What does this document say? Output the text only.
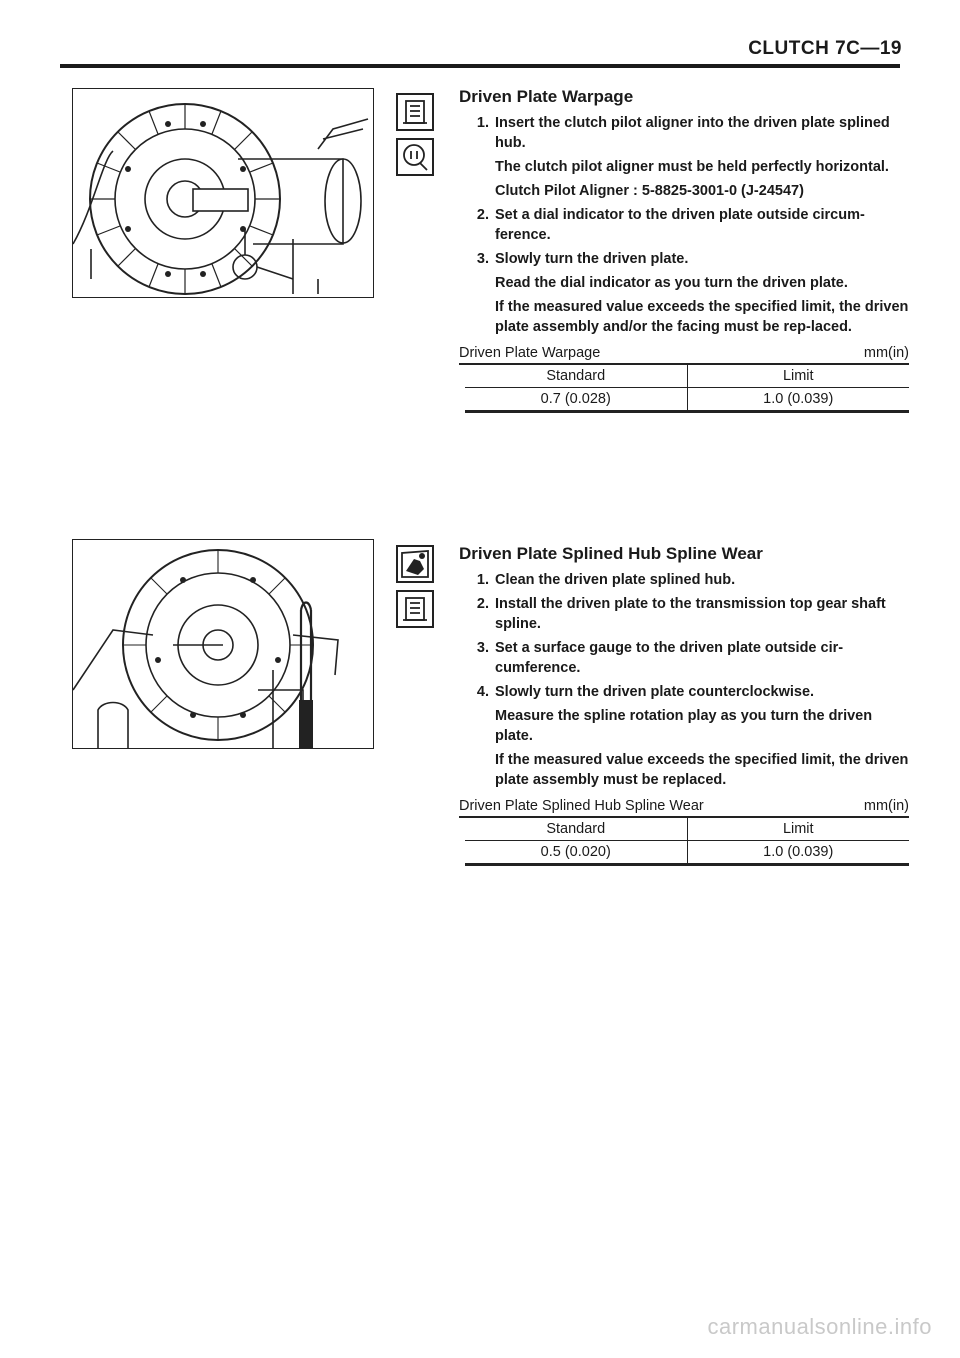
CLUTCH 7C—19
Driven Plate Warpage
1. Insert the clutch pilot aligner into the driven plate splined hub.
The clutch pilot aligner must be held perfectly horizontal.
Clutch Pilot Aligner : 5-8825-3001-0 (J-24547)
2. Set a dial indicator to the driven plate outside circum-ference.
3. Slowly turn the driven plate.
Read the dial indicator as you turn the driven plate.
If the measured value exceeds the specified limit, the driven plate assembly and/or the facing must be rep-laced.
Driven Plate Warpage	mm(in)
Standard	Limit
0.7 (0.028)	1.0 (0.039)
Driven Plate Splined Hub Spline Wear
1. Clean the driven plate splined hub.
2. Install the driven plate to the transmission top gear shaft spline.
3. Set a surface gauge to the driven plate outside cir-cumference.
4. Slowly turn the driven plate counterclockwise.
Measure the spline rotation play as you turn the driven plate.
If the measured value exceeds the specified limit, the driven plate assembly must be replaced.
Driven Plate Splined Hub Spline Wear	mm(in)
Standard	Limit
0.5 (0.020)	1.0 (0.039)
carmanualsonline.info
